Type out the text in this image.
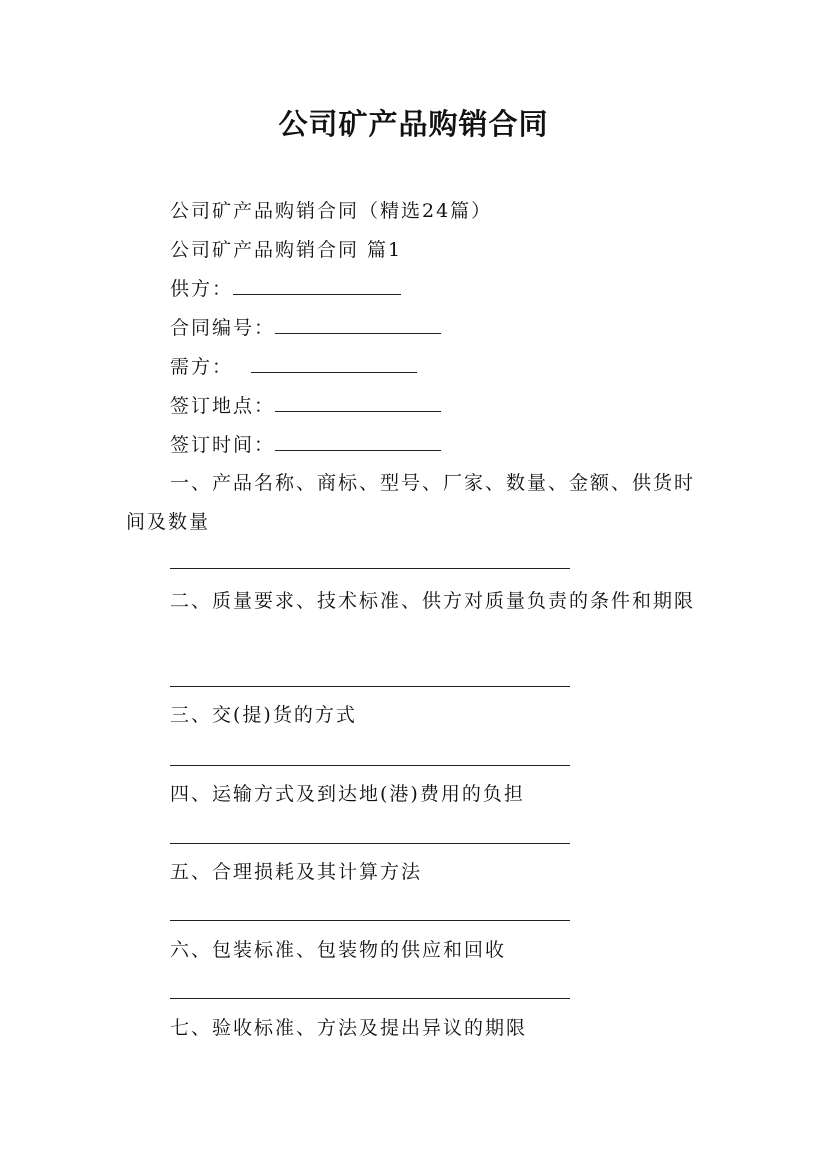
公司矿产品购销合同
公司矿产品购销合同（精选24篇）
公司矿产品购销合同 篇1
供方：
合同编号：
需方：
签订地点：
签订时间：
一、产品名称、商标、型号、厂家、数量、金额、供货时间及数量
二、质量要求、技术标准、供方对质量负责的条件和期限
三、交(提)货的方式
四、运输方式及到达地(港)费用的负担
五、合理损耗及其计算方法
六、包装标准、包装物的供应和回收
七、验收标准、方法及提出异议的期限
